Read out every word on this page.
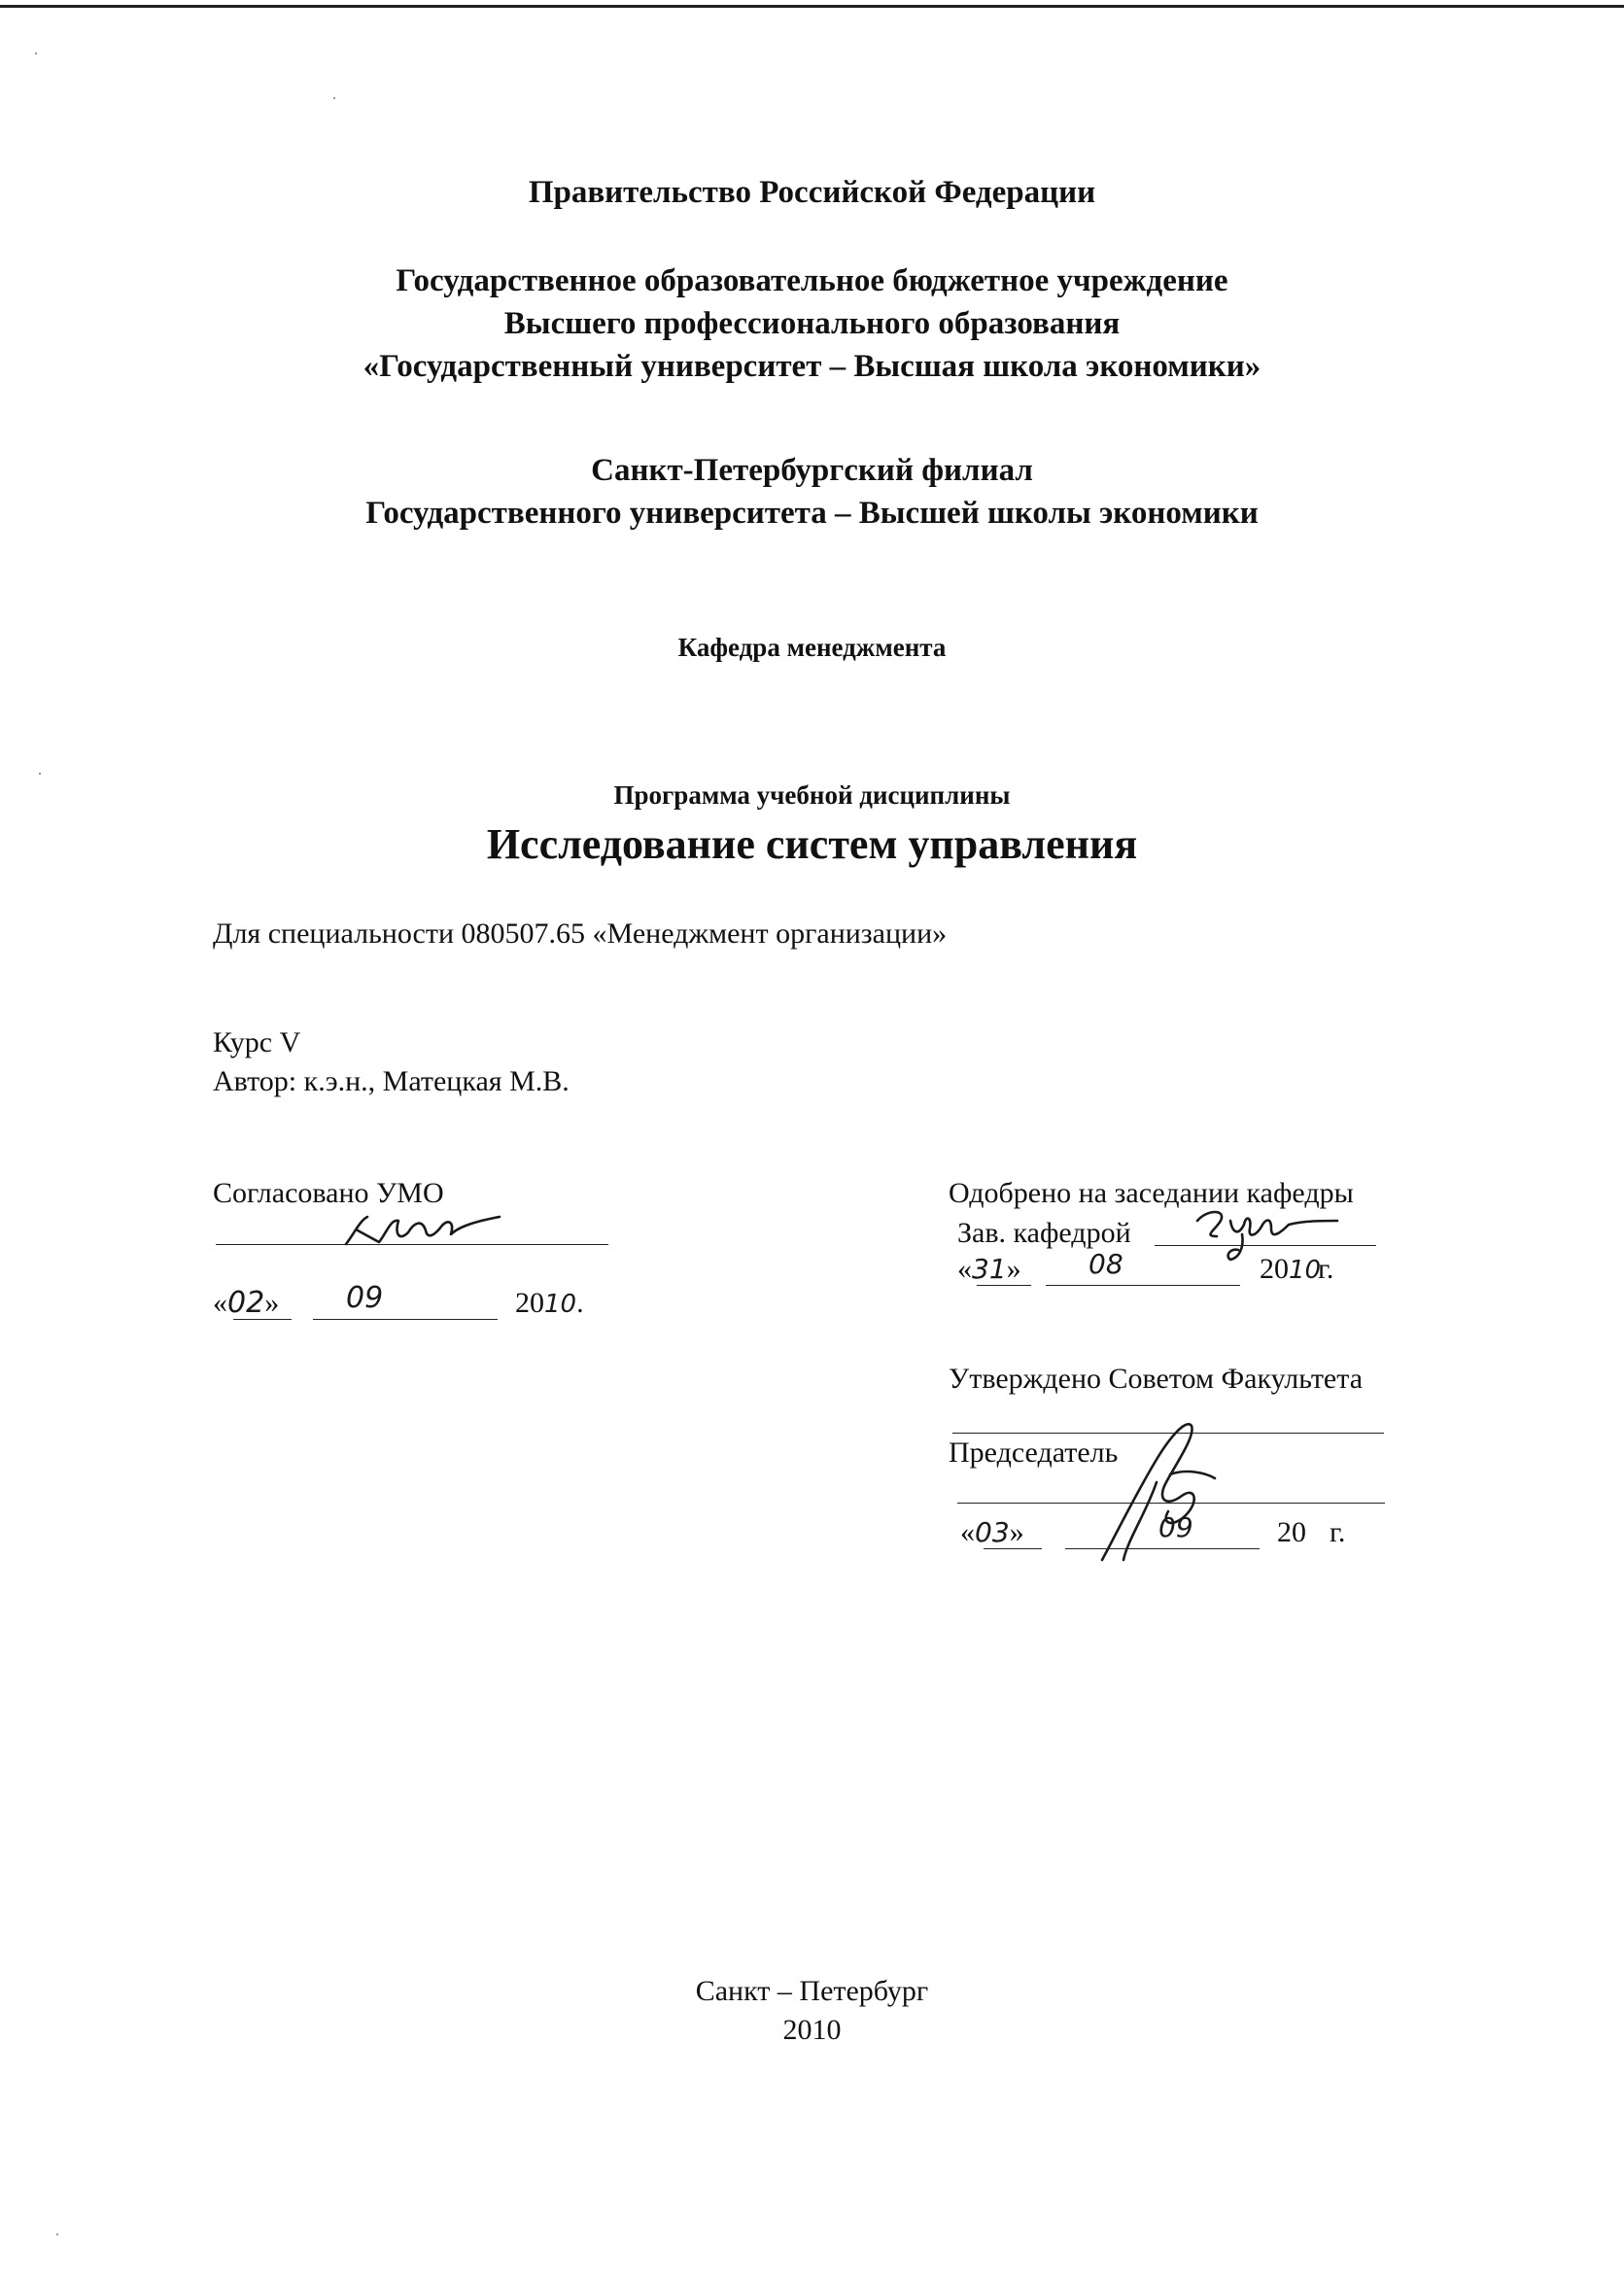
Правительство Российской Федерации

Государственное образовательное бюджетное учреждение

Высшего профессионального образования

«Государственный университет – Высшая школа экономики»

Санкт-Петербургский филиал

Государственного университета – Высшей школы экономики

Кафедра менеджмента

Программа учебной дисциплины

Исследование систем управления

Для специальности 080507.65 «Менеджмент организации»

Курс V

Автор: к.э.н., Матецкая М.В.

Согласовано УМО

«02» 09	2010.

Одобрено на заседании кафедры

Зав. кафедрой

«31» 08	2010

г.

Утверждено Советом Факультета

Председатель

«03»	09	20 г.

Санкт – Петербург

2010
